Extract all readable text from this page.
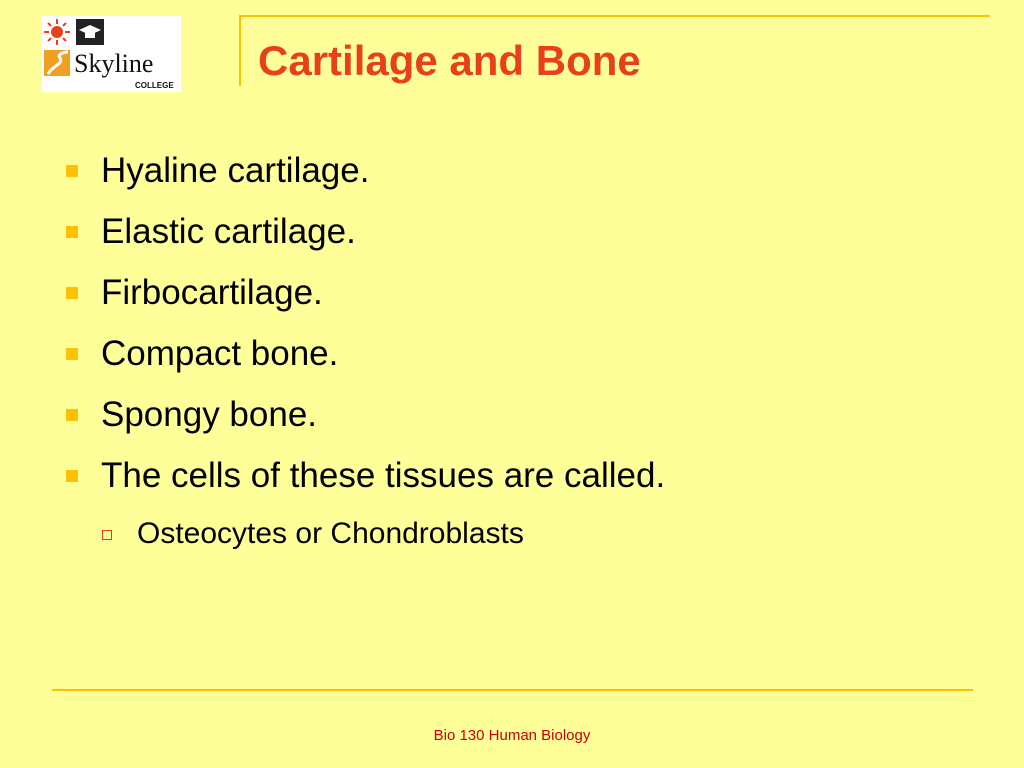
Skyline
COLLEGE
Cartilage and Bone
Hyaline cartilage.
Elastic cartilage.
Firbocartilage.
Compact bone.
Spongy bone.
The cells of these tissues are called.
Osteocytes or Chondroblasts
Bio 130 Human Biology
